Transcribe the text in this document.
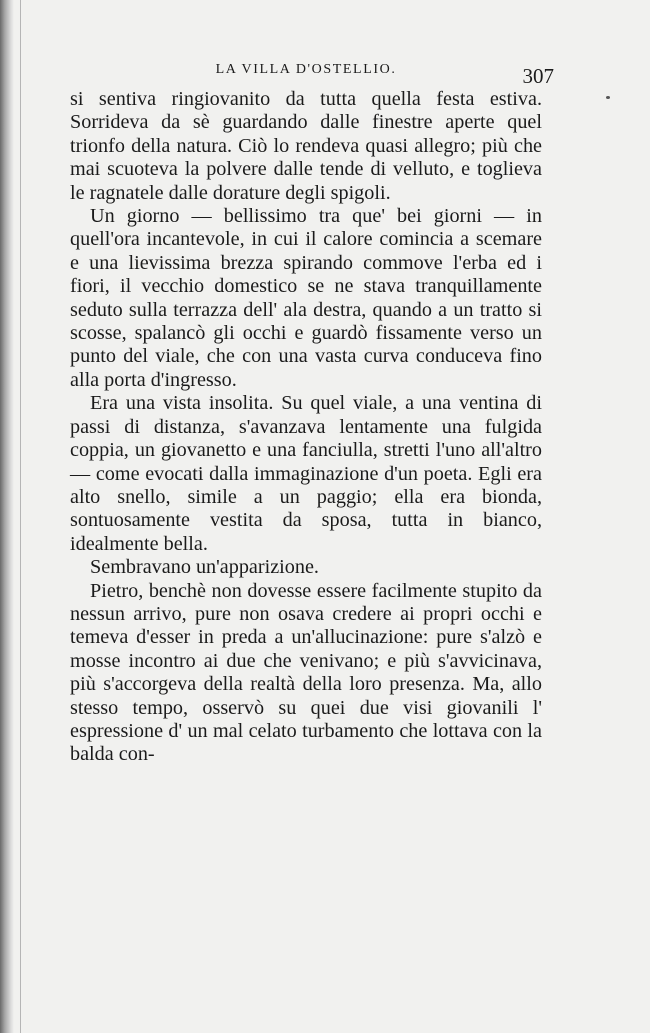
LA VILLA D'OSTELLIO.	307

si sentiva ringiovanito da tutta quella festa estiva. Sorrideva da sè guardando dalle finestre aperte quel trionfo della natura. Ciò lo rendeva quasi allegro; più che mai scuoteva la polvere dalle tende di velluto, e toglieva le ragnatele dalle dorature degli spigoli.

Un giorno — bellissimo tra que' bei giorni — in quell'ora incantevole, in cui il calore comincia a scemare e una lievissima brezza spirando commove l'erba ed i fiori, il vecchio domestico se ne stava tranquillamente seduto sulla terrazza dell' ala destra, quando a un tratto si scosse, spalancò gli occhi e guardò fissamente verso un punto del viale, che con una vasta curva conduceva fino alla porta d'ingresso.

Era una vista insolita. Su quel viale, a una ventina di passi di distanza, s'avanzava lentamente una fulgida coppia, un giovanetto e una fanciulla, stretti l'uno all'altro — come evocati dalla immaginazione d'un poeta. Egli era alto snello, simile a un paggio; ella era bionda, sontuosamente vestita da sposa, tutta in bianco, idealmente bella.

Sembravano un'apparizione.

Pietro, benchè non dovesse essere facilmente stupito da nessun arrivo, pure non osava credere ai propri occhi e temeva d'esser in preda a un'allucinazione: pure s'alzò e mosse incontro ai due che venivano; e più s'avvicinava, più s'accorgeva della realtà della loro presenza. Ma, allo stesso tempo, osservò su quei due visi giovanili l' espressione d' un mal celato turbamento che lottava con la balda con-
